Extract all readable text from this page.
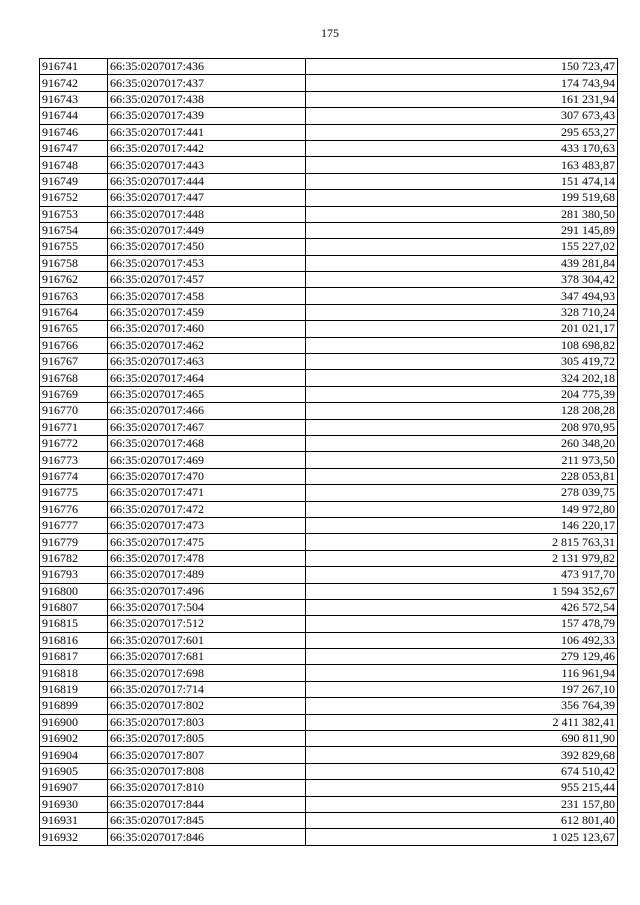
175
916741	66:35:0207017:436	150 723,47
916742	66:35:0207017:437	174 743,94
916743	66:35:0207017:438	161 231,94
916744	66:35:0207017:439	307 673,43
916746	66:35:0207017:441	295 653,27
916747	66:35:0207017:442	433 170,63
916748	66:35:0207017:443	163 483,87
916749	66:35:0207017:444	151 474,14
916752	66:35:0207017:447	199 519,68
916753	66:35:0207017:448	281 380,50
916754	66:35:0207017:449	291 145,89
916755	66:35:0207017:450	155 227,02
916758	66:35:0207017:453	439 281,84
916762	66:35:0207017:457	378 304,42
916763	66:35:0207017:458	347 494,93
916764	66:35:0207017:459	328 710,24
916765	66:35:0207017:460	201 021,17
916766	66:35:0207017:462	108 698,82
916767	66:35:0207017:463	305 419,72
916768	66:35:0207017:464	324 202,18
916769	66:35:0207017:465	204 775,39
916770	66:35:0207017:466	128 208,28
916771	66:35:0207017:467	208 970,95
916772	66:35:0207017:468	260 348,20
916773	66:35:0207017:469	211 973,50
916774	66:35:0207017:470	228 053,81
916775	66:35:0207017:471	278 039,75
916776	66:35:0207017:472	149 972,80
916777	66:35:0207017:473	146 220,17
916779	66:35:0207017:475	2 815 763,31
916782	66:35:0207017:478	2 131 979,82
916793	66:35:0207017:489	473 917,70
916800	66:35:0207017:496	1 594 352,67
916807	66:35:0207017:504	426 572,54
916815	66:35:0207017:512	157 478,79
916816	66:35:0207017:601	106 492,33
916817	66:35:0207017:681	279 129,46
916818	66:35:0207017:698	116 961,94
916819	66:35:0207017:714	197 267,10
916899	66:35:0207017:802	356 764,39
916900	66:35:0207017:803	2 411 382,41
916902	66:35:0207017:805	690 811,90
916904	66:35:0207017:807	392 829,68
916905	66:35:0207017:808	674 510,42
916907	66:35:0207017:810	955 215,44
916930	66:35:0207017:844	231 157,80
916931	66:35:0207017:845	612 801,40
916932	66:35:0207017:846	1 025 123,67
